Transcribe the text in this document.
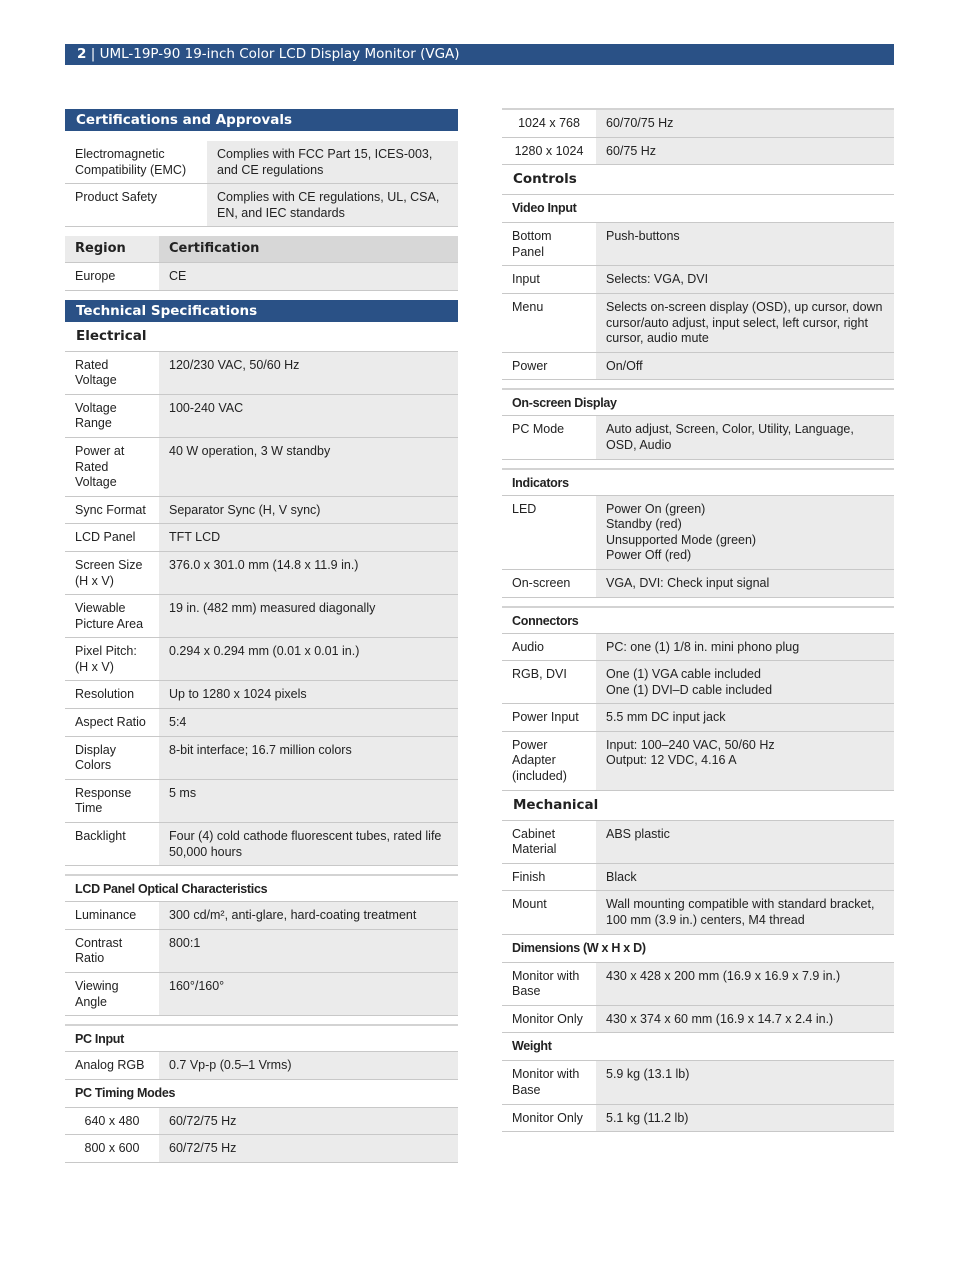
2 | UML-19P-90 19-inch Color LCD Display Monitor (VGA)
Certifications and Approvals
Electromagnetic Compatibility (EMC)	Complies with FCC Part 15, ICES-003, and CE regulations
Product Safety	Complies with CE regulations, UL, CSA, EN, and IEC standards
Region	Certification
Europe	CE
Technical Specifications
Electrical
Rated Voltage	120/230 VAC, 50/60 Hz
Voltage Range	100-240 VAC
Power at Rated Voltage	40 W operation, 3 W standby
Sync Format	Separator Sync (H, V sync)
LCD Panel	TFT LCD
Screen Size (H x V)	376.0 x 301.0 mm (14.8 x 11.9 in.)
Viewable Picture Area	19 in. (482 mm) measured diagonally
Pixel Pitch: (H x V)	0.294 x 0.294 mm (0.01 x 0.01 in.)
Resolution	Up to 1280 x 1024 pixels
Aspect Ratio	5:4
Display Colors	8-bit interface; 16.7 million colors
Response Time	5 ms
Backlight	Four (4) cold cathode fluorescent tubes, rated life 50,000 hours
LCD Panel Optical Characteristics
Luminance	300 cd/m², anti-glare, hard-coating treatment
Contrast Ratio	800:1
Viewing Angle	160°/160°
PC Input
Analog RGB	0.7 Vp-p (0.5–1 Vrms)
PC Timing Modes
640 x 480	60/72/75 Hz
800 x 600	60/72/75 Hz
1024 x 768	60/70/75 Hz
1280 x 1024	60/75 Hz
Controls
Video Input
Bottom Panel	Push-buttons
Input	Selects: VGA, DVI
Menu	Selects on-screen display (OSD), up cursor, down cursor/auto adjust, input select, left cursor, right cursor, audio mute
Power	On/Off
On-screen Display
PC Mode	Auto adjust, Screen, Color, Utility, Language, OSD, Audio
Indicators
LED	Power On (green)
Standby (red)
Unsupported Mode (green)
Power Off (red)
On-screen	VGA, DVI: Check input signal
Connectors
Audio	PC: one (1) 1/8 in. mini phono plug
RGB, DVI	One (1) VGA cable included
One (1) DVI–D cable included
Power Input	5.5 mm DC input jack
Power Adapter (included)	Input: 100–240 VAC, 50/60 Hz
Output: 12 VDC, 4.16 A
Mechanical
Cabinet Material	ABS plastic
Finish	Black
Mount	Wall mounting compatible with standard bracket, 100 mm (3.9 in.) centers, M4 thread
Dimensions (W x H x D)
Monitor with Base	430 x 428 x 200 mm (16.9 x 16.9 x 7.9 in.)
Monitor Only	430 x 374 x 60 mm (16.9 x 14.7 x 2.4 in.)
Weight
Monitor with Base	5.9 kg (13.1 lb)
Monitor Only	5.1 kg (11.2 lb)
